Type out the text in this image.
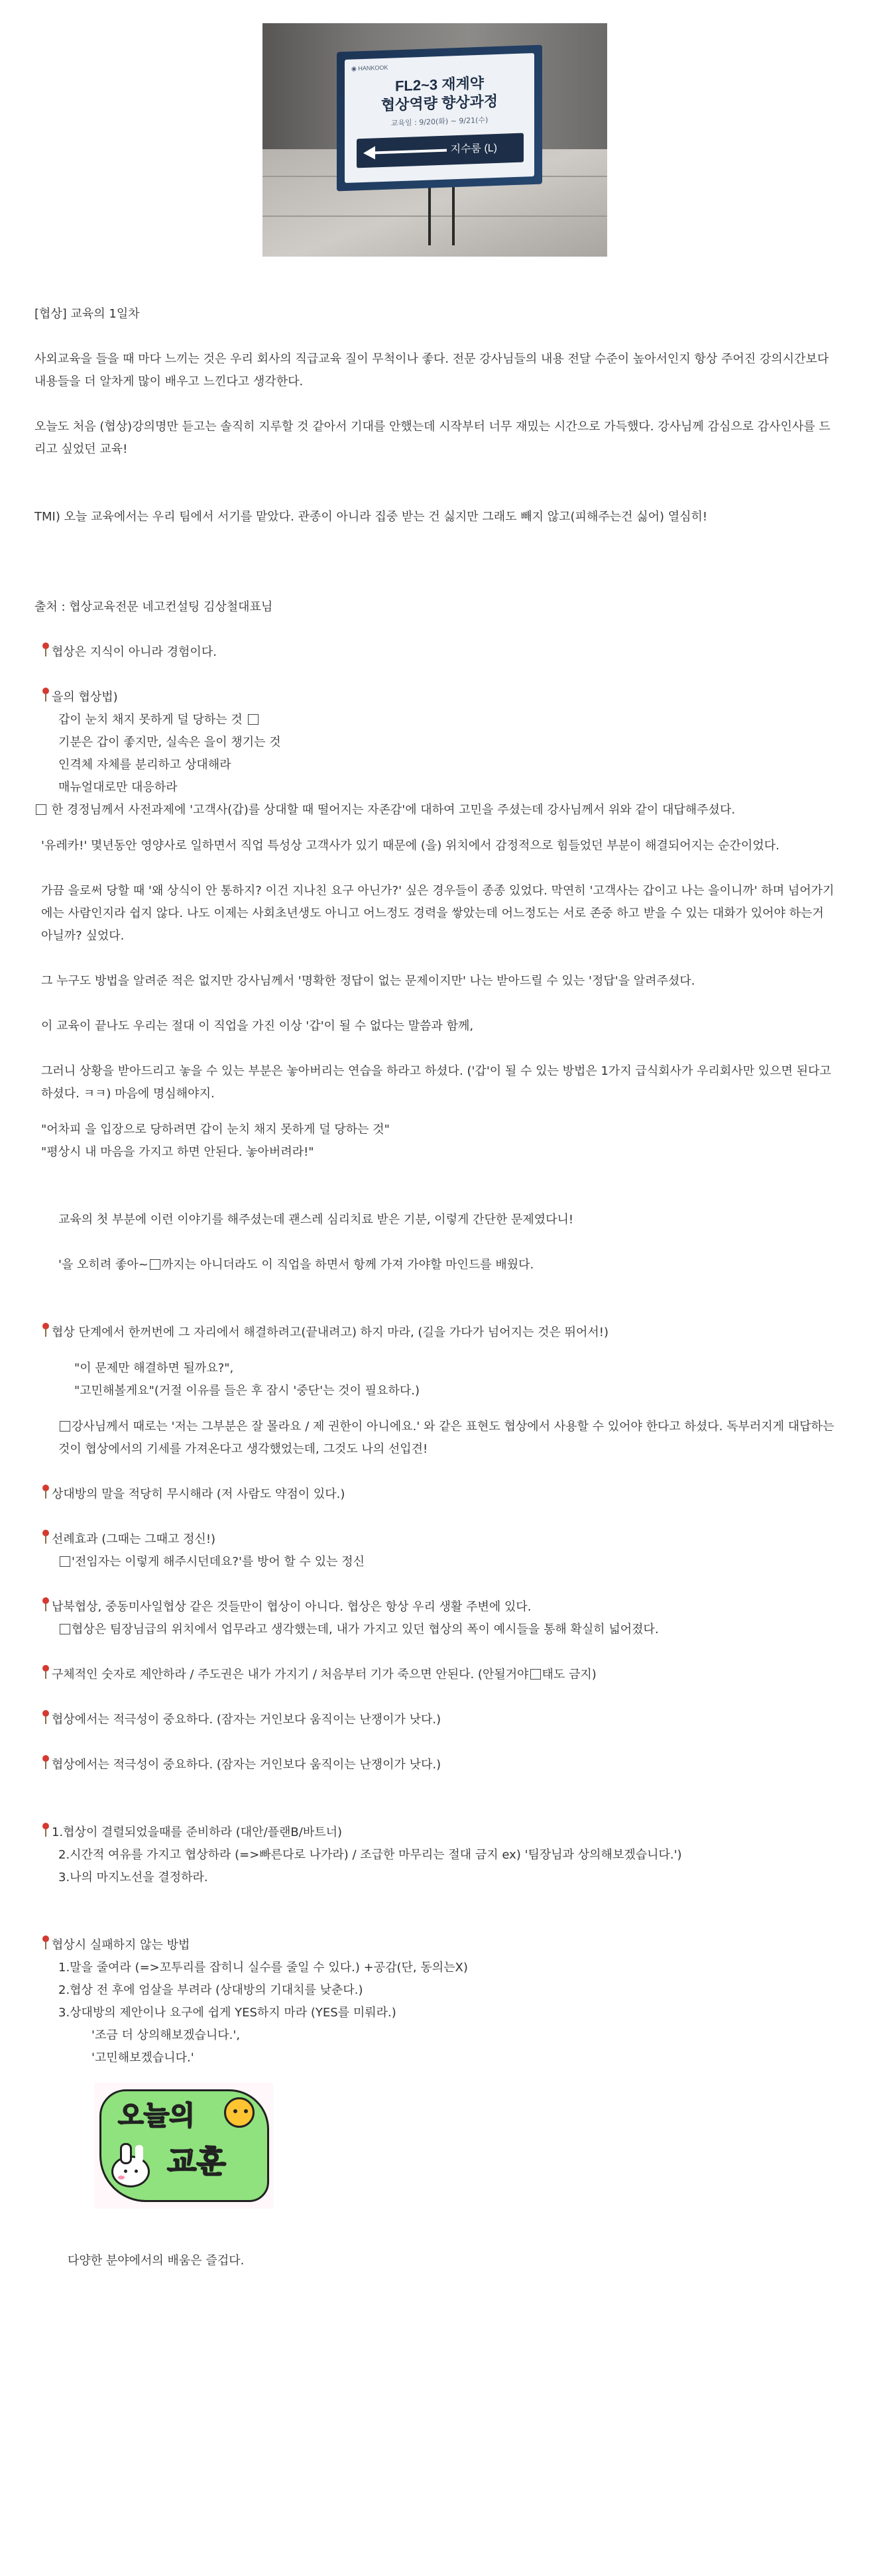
◉ HANKOOK
FL2~3 재계약
협상역량 향상과정
교육일 : 9/20(화) ~ 9/21(수)
지수룸 (L)
[협상] 교육의 1일차
사외교육을 들을 때 마다 느끼는 것은 우리 회사의 직급교육 질이 무척이나 좋다. 전문 강사님들의 내용 전달 수준이 높아서인지 항상 주어진 강의시간보다 내용들을 더 알차게 많이 배우고 느낀다고 생각한다.
오늘도 처음 (협상)강의명만 듣고는 솔직히 지루할 것 같아서 기대를 안했는데 시작부터 너무 재밌는 시간으로 가득했다. 강사님께 감심으로 감사인사를 드리고 싶었던 교육!
TMI) 오늘 교육에서는 우리 팀에서 서기를 맡았다. 관종이 아니라 집중 받는 건 싫지만 그래도 빼지 않고(피해주는건 싫어) 열심히!
출처 : 협상교육전문 네고컨설팅 김상철대표님
협상은 지식이 아니라 경험이다.
을의 협상법)
갑이 눈치 채지 못하게 덜 당하는 것
기분은 갑이 좋지만, 실속은 을이 챙기는 것
인격체 자체를 분리하고 상대해라
매뉴얼대로만 대응하라
한 경정님께서 사전과제에 '고객사(갑)를 상대할 때 떨어지는 자존감'에 대하여 고민을 주셨는데 강사님께서 위와 같이 대답해주셨다.
'유레카!' 몇년동안 영양사로 일하면서 직업 특성상 고객사가 있기 때문에 (을) 위치에서 감정적으로 힘들었던 부분이 해결되어지는 순간이었다.
가끔 을로써 당할 때 '왜 상식이 안 통하지? 이건 지나친 요구 아닌가?' 싶은 경우들이 종종 있었다. 막연히 '고객사는 갑이고 나는 을이니까' 하며 넘어가기에는 사람인지라 쉽지 않다. 나도 이제는 사회초년생도 아니고 어느정도 경력을 쌓았는데 어느정도는 서로 존중 하고 받을 수 있는 대화가 있어야 하는거 아닐까? 싶었다.
그 누구도 방법을 알려준 적은 없지만 강사님께서 '명확한 정답이 없는 문제이지만' 나는 받아드릴 수 있는 '정답'을 알려주셨다.
이 교육이 끝나도 우리는 절대 이 직업을 가진 이상 '갑'이 될 수 없다는 말씀과 함께,
그러니 상황을 받아드리고 놓을 수 있는 부분은 놓아버리는 연습을 하라고 하셨다. ('갑'이 될 수 있는 방법은 1가지 급식회사가 우리회사만 있으면 된다고 하셨다. ㅋㅋ) 마음에 명심해야지.
"어차피 을 입장으로 당하려면 갑이 눈치 채지 못하게 덜 당하는 것"
"평상시 내 마음을 가지고 하면 안된다. 놓아버려라!"
교육의 첫 부분에 이런 이야기를 해주셨는데 괜스레 심리치료 받은 기분, 이렇게 간단한 문제였다니!
'을 오히려 좋아~ 까지는 아니더라도 이 직업을 하면서 항께 가져 가야할 마인드를 배웠다.
협상 단계에서 한꺼번에 그 자리에서 해결하려고(끝내려고) 하지 마라, (길을 가다가 넘어지는 것은 뛰어서!)
"이 문제만 해결하면 될까요?",
"고민해볼게요"(거절 이유를 들은 후 잠시 '중단'는 것이 필요하다.)
강사님께서 때로는 '저는 그부분은 잘 몰라요 / 제 권한이 아니에요.' 와 같은 표현도 협상에서 사용할 수 있어야 한다고 하셨다. 독부러지게 대답하는 것이 협상에서의 기세를 가져온다고 생각했었는데, 그것도 나의 선입견!
상대방의 말을 적당히 무시해라 (저 사람도 약점이 있다.)
선례효과 (그때는 그때고 정신!)
'전임자는 이렇게 해주시던데요?'를 방어 할 수 있는 정신
납북협상, 중동미사일협상 같은 것들만이 협상이 아니다. 협상은 항상 우리 생활 주변에 있다.
협상은 팀장님급의 위치에서 업무라고 생각했는데, 내가 가지고 있던 협상의 폭이 예시들을 통해 확실히 넓어졌다.
구체적인 숫자로 제안하라 / 주도권은 내가 가지기 / 처음부터 기가 죽으면 안된다. (안될거야 태도 금지)
협상에서는 적극성이 중요하다. (잠자는 거인보다 움직이는 난쟁이가 낫다.)
협상에서는 적극성이 중요하다. (잠자는 거인보다 움직이는 난쟁이가 낫다.)
1.협상이 결렬되었을때를 준비하라 (대안/플랜B/바트너)
2.시간적 여유를 가지고 협상하라 (=>빠른다로 나가라) / 조급한 마무리는 절대 금지 ex) '팀장님과 상의해보겠습니다.')
3.나의 마지노선을 결정하라.
협상시 실패하지 않는 방법
1.말을 줄여라 (=>꼬투리를 잡히니 실수를 줄일 수 있다.) +공감(단, 동의는X)
2.협상 전 후에 엄살을 부려라 (상대방의 기대치를 낮춘다.)
3.상대방의 제안이나 요구에 쉽게 YES하지 마라 (YES를 미뤄라.)
'조금 더 상의해보겠습니다.',
'고민해보겠습니다.'
오늘의
교훈
다양한 분야에서의 배움은 즐겁다.
